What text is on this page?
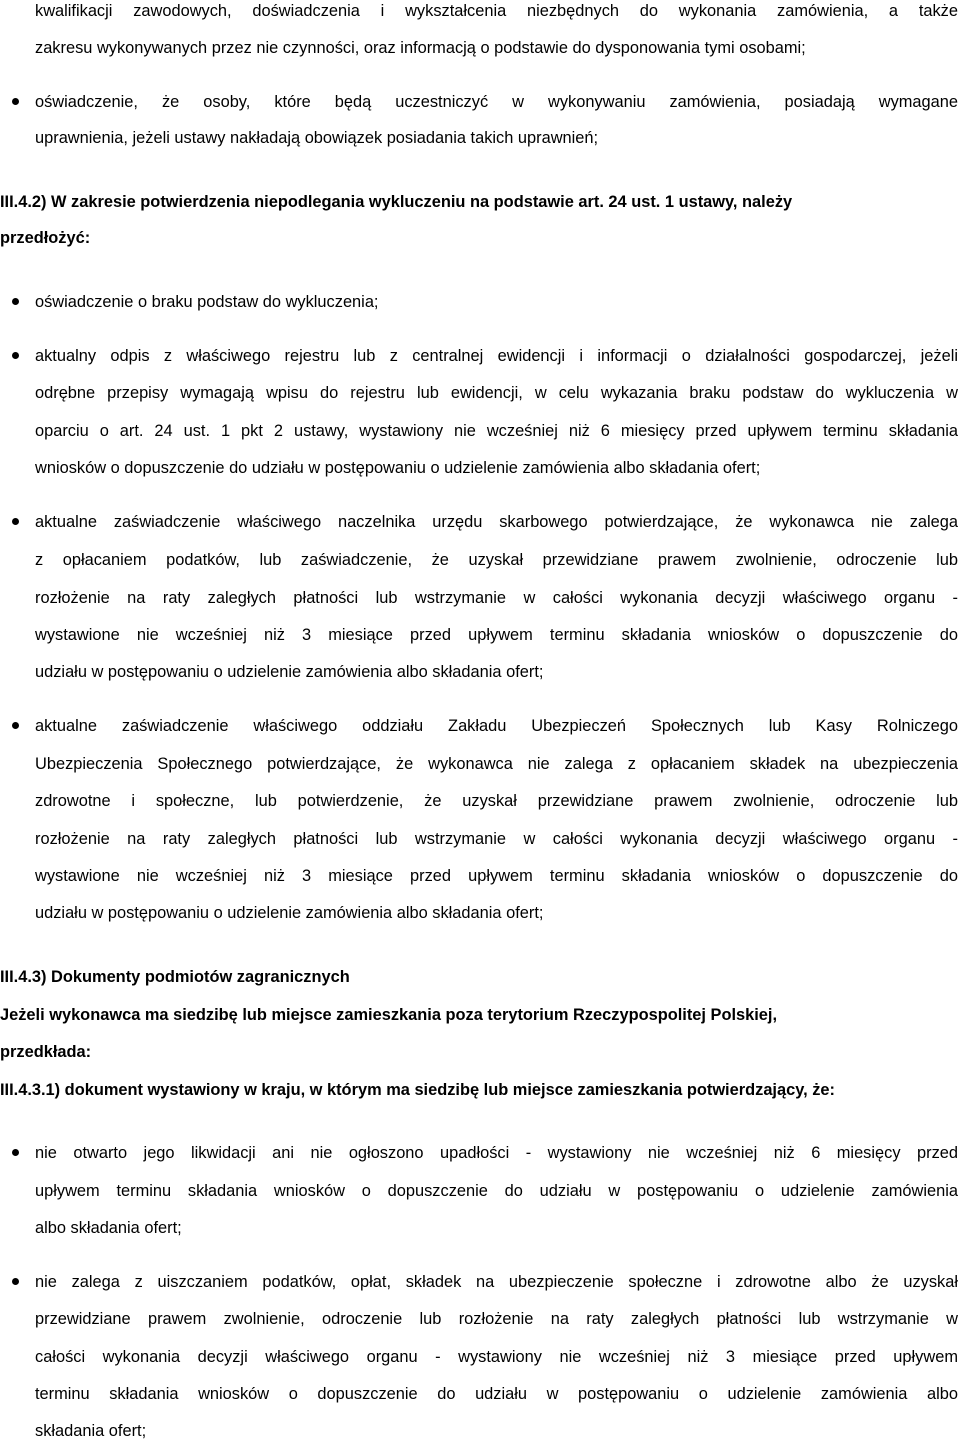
kwalifikacji zawodowych, doświadczenia i wykształcenia niezbędnych do wykonania zamówienia, a także
zakresu wykonywanych przez nie czynności, oraz informacją o podstawie do dysponowania tymi osobami;
oświadczenie, że osoby, które będą uczestniczyć w wykonywaniu zamówienia, posiadają wymagane
uprawnienia, jeżeli ustawy nakładają obowiązek posiadania takich uprawnień;
III.4.2) W zakresie potwierdzenia niepodlegania wykluczeniu na podstawie art. 24 ust. 1 ustawy, należy
przedłożyć:
oświadczenie o braku podstaw do wykluczenia;
aktualny odpis z właściwego rejestru lub z centralnej ewidencji i informacji o działalności gospodarczej, jeżeli
odrębne przepisy wymagają wpisu do rejestru lub ewidencji, w celu wykazania braku podstaw do wykluczenia w
oparciu o art. 24 ust. 1 pkt 2 ustawy, wystawiony nie wcześniej niż 6 miesięcy przed upływem terminu składania
wniosków o dopuszczenie do udziału w postępowaniu o udzielenie zamówienia albo składania ofert;
aktualne zaświadczenie właściwego naczelnika urzędu skarbowego potwierdzające, że wykonawca nie zalega
z opłacaniem podatków, lub zaświadczenie, że uzyskał przewidziane prawem zwolnienie, odroczenie lub
rozłożenie na raty zaległych płatności lub wstrzymanie w całości wykonania decyzji właściwego organu -
wystawione nie wcześniej niż 3 miesiące przed upływem terminu składania wniosków o dopuszczenie do
udziału w postępowaniu o udzielenie zamówienia albo składania ofert;
aktualne zaświadczenie właściwego oddziału Zakładu Ubezpieczeń Społecznych lub Kasy Rolniczego
Ubezpieczenia Społecznego potwierdzające, że wykonawca nie zalega z opłacaniem składek na ubezpieczenia
zdrowotne i społeczne, lub potwierdzenie, że uzyskał przewidziane prawem zwolnienie, odroczenie lub
rozłożenie na raty zaległych płatności lub wstrzymanie w całości wykonania decyzji właściwego organu -
wystawione nie wcześniej niż 3 miesiące przed upływem terminu składania wniosków o dopuszczenie do
udziału w postępowaniu o udzielenie zamówienia albo składania ofert;
III.4.3) Dokumenty podmiotów zagranicznych
Jeżeli wykonawca ma siedzibę lub miejsce zamieszkania poza terytorium Rzeczypospolitej Polskiej,
przedkłada:
III.4.3.1) dokument wystawiony w kraju, w którym ma siedzibę lub miejsce zamieszkania potwierdzający, że:
nie otwarto jego likwidacji ani nie ogłoszono upadłości - wystawiony nie wcześniej niż 6 miesięcy przed
upływem terminu składania wniosków o dopuszczenie do udziału w postępowaniu o udzielenie zamówienia
albo składania ofert;
nie zalega z uiszczaniem podatków, opłat, składek na ubezpieczenie społeczne i zdrowotne albo że uzyskał
przewidziane prawem zwolnienie, odroczenie lub rozłożenie na raty zaległych płatności lub wstrzymanie w
całości wykonania decyzji właściwego organu - wystawiony nie wcześniej niż 3 miesiące przed upływem
terminu składania wniosków o dopuszczenie do udziału w postępowaniu o udzielenie zamówienia albo
składania ofert;
